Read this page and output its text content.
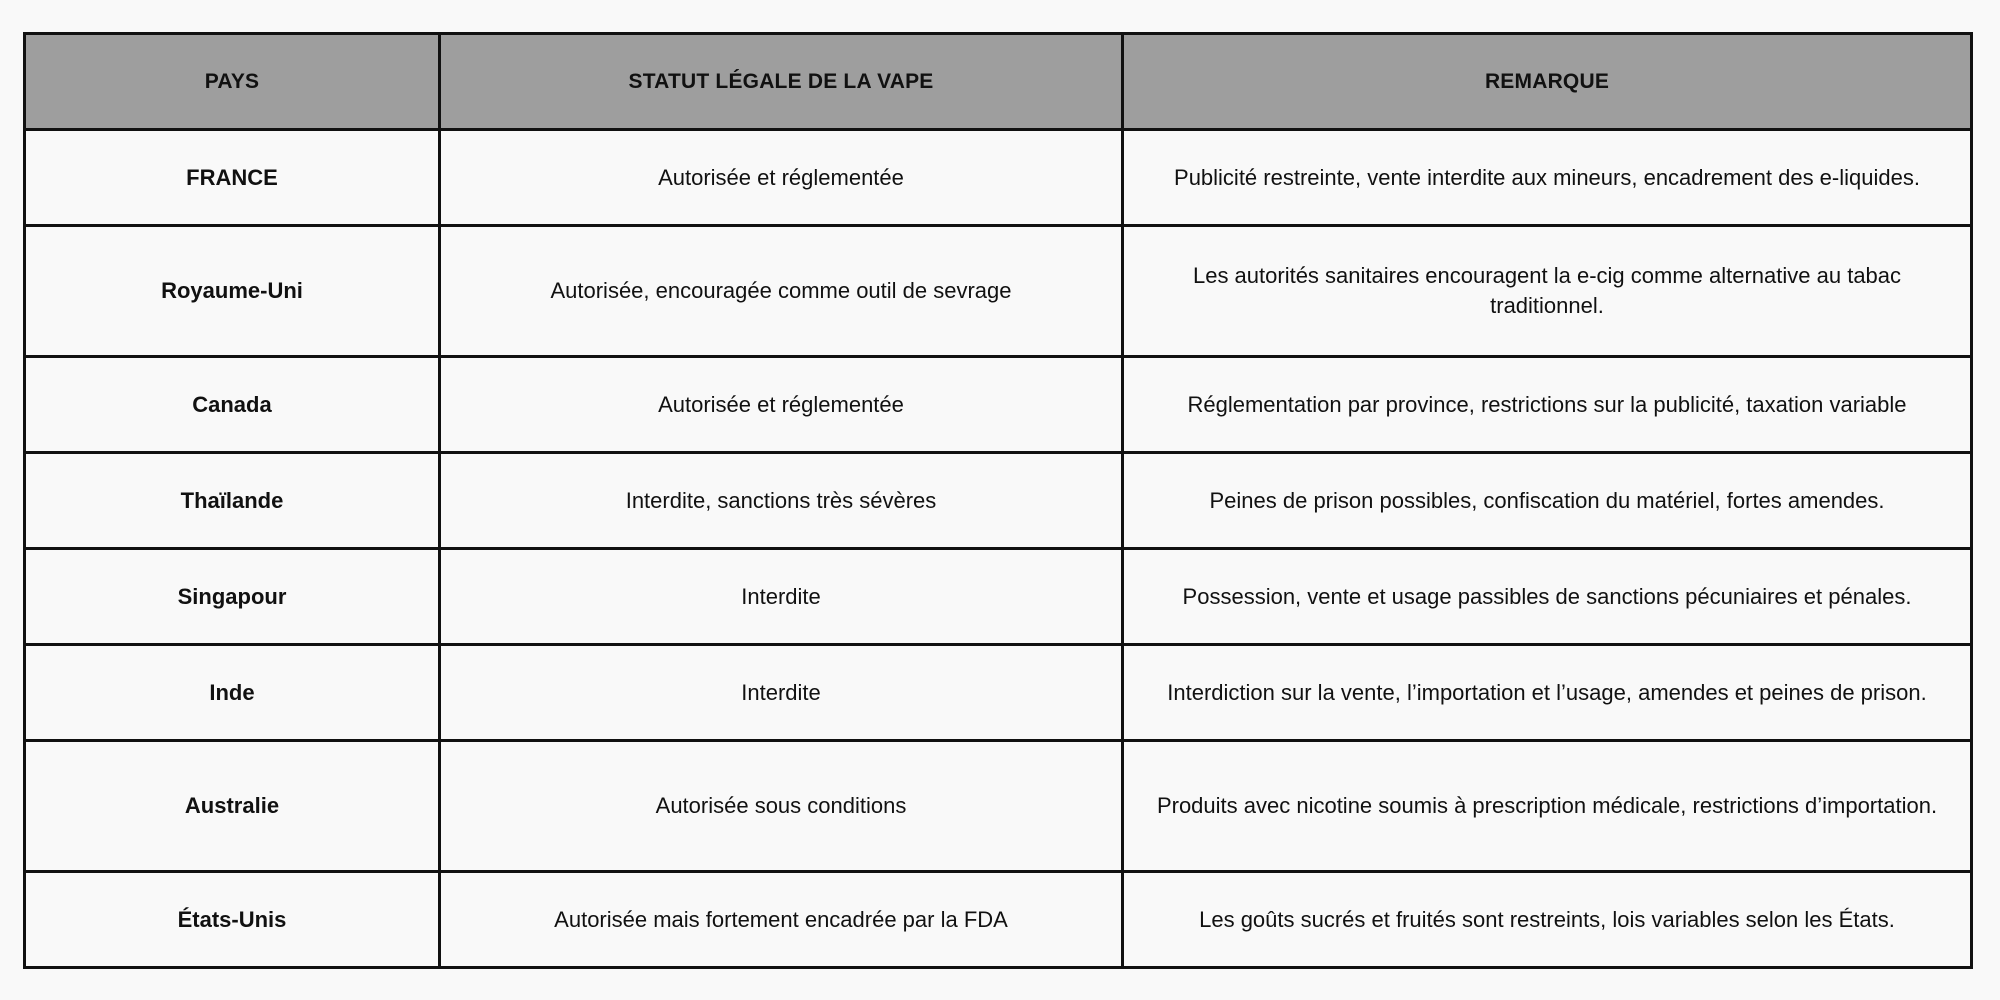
PAYS	STATUT LÉGALE DE LA VAPE	REMARQUE
FRANCE	Autorisée et réglementée	Publicité restreinte, vente interdite aux mineurs, encadrement des e-liquides.
Royaume-Uni	Autorisée, encouragée comme outil de sevrage	Les autorités sanitaires encouragent la e-cig comme alternative au tabac traditionnel.
Canada	Autorisée et réglementée	Réglementation par province, restrictions sur la publicité, taxation variable
Thaïlande	Interdite, sanctions très sévères	Peines de prison possibles, confiscation du matériel, fortes amendes.
Singapour	Interdite	Possession, vente et usage passibles de sanctions pécuniaires et pénales.
Inde	Interdite	Interdiction sur la vente, l’importation et l’usage, amendes et peines de prison.
Australie	Autorisée sous conditions	Produits avec nicotine soumis à prescription médicale, restrictions d’importation.
États-Unis	Autorisée mais fortement encadrée par la FDA	Les goûts sucrés et fruités sont restreints, lois variables selon les États.
